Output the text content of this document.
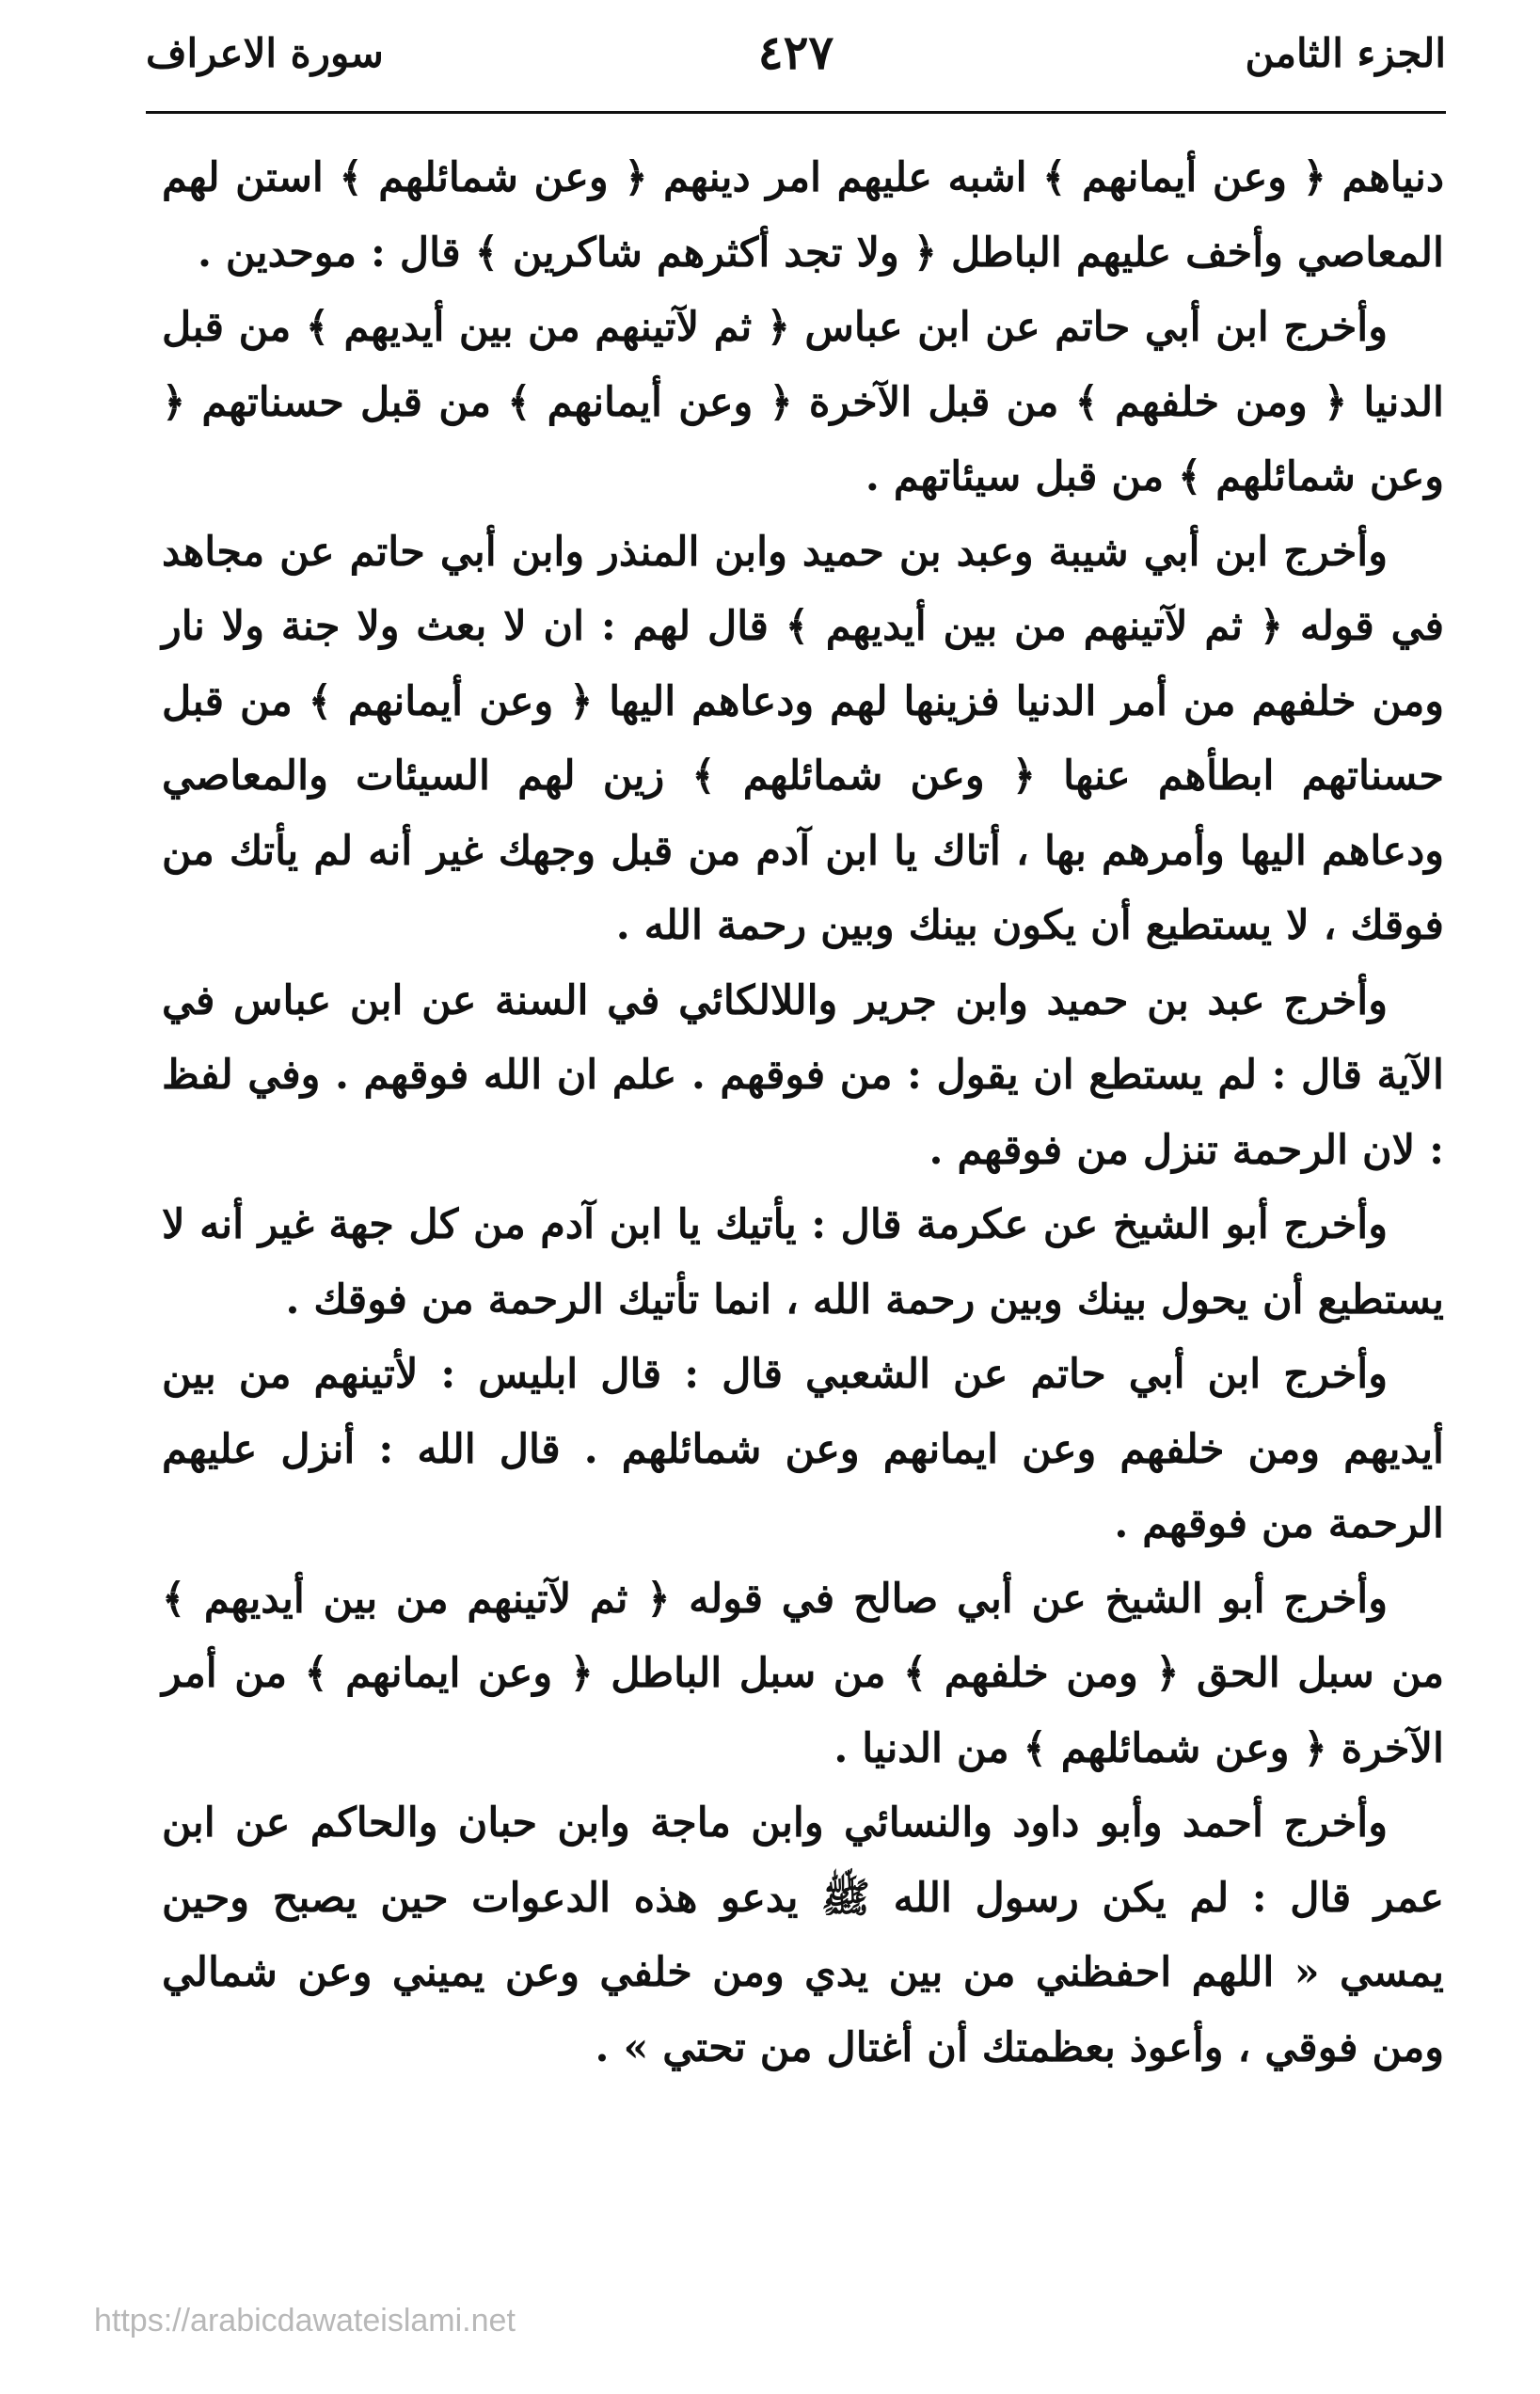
الجزء الثامن
٤٢٧
سورة الاعراف

دنياهم ﴿ وعن أيمانهم ﴾ اشبه عليهم امر دينهم ﴿ وعن شمائلهم ﴾ استن لهم المعاصي وأخف عليهم الباطل ﴿ ولا تجد أكثرهم شاكرين ﴾ قال : موحدين .

وأخرج ابن أبي حاتم عن ابن عباس ﴿ ثم لآتينهم من بين أيديهم ﴾ من قبل الدنيا ﴿ ومن خلفهم ﴾ من قبل الآخرة ﴿ وعن أيمانهم ﴾ من قبل حسناتهم ﴿ وعن شمائلهم ﴾ من قبل سيئاتهم .

وأخرج ابن أبي شيبة وعبد بن حميد وابن المنذر وابن أبي حاتم عن مجاهد في قوله ﴿ ثم لآتينهم من بين أيديهم ﴾ قال لهم : ان لا بعث ولا جنة ولا نار ومن خلفهم من أمر الدنيا فزينها لهم ودعاهم اليها ﴿ وعن أيمانهم ﴾ من قبل حسناتهم ابطأهم عنها ﴿ وعن شمائلهم ﴾ زين لهم السيئات والمعاصي ودعاهم اليها وأمرهم بها ، أتاك يا ابن آدم من قبل وجهك غير أنه لم يأتك من فوقك ، لا يستطيع أن يكون بينك وبين رحمة الله .

وأخرج عبد بن حميد وابن جرير واللالكائي في السنة عن ابن عباس في الآية قال : لم يستطع ان يقول : من فوقهم . علم ان الله فوقهم . وفي لفظ : لان الرحمة تنزل من فوقهم .

وأخرج أبو الشيخ عن عكرمة قال : يأتيك يا ابن آدم من كل جهة غير أنه لا يستطيع أن يحول بينك وبين رحمة الله ، انما تأتيك الرحمة من فوقك .

وأخرج ابن أبي حاتم عن الشعبي قال : قال ابليس : لأتينهم من بين أيديهم ومن خلفهم وعن ايمانهم وعن شمائلهم . قال الله : أنزل عليهم الرحمة من فوقهم .

وأخرج أبو الشيخ عن أبي صالح في قوله ﴿ ثم لآتينهم من بين أيديهم ﴾ من سبل الحق ﴿ ومن خلفهم ﴾ من سبل الباطل ﴿ وعن ايمانهم ﴾ من أمر الآخرة ﴿ وعن شمائلهم ﴾ من الدنيا .

وأخرج أحمد وأبو داود والنسائي وابن ماجة وابن حبان والحاكم عن ابن عمر قال : لم يكن رسول الله ﷺ يدعو هذه الدعوات حين يصبح وحين يمسي « اللهم احفظني من بين يدي ومن خلفي وعن يميني وعن شمالي ومن فوقي ، وأعوذ بعظمتك أن أغتال من تحتي » .

https://arabicdawateislami.net
